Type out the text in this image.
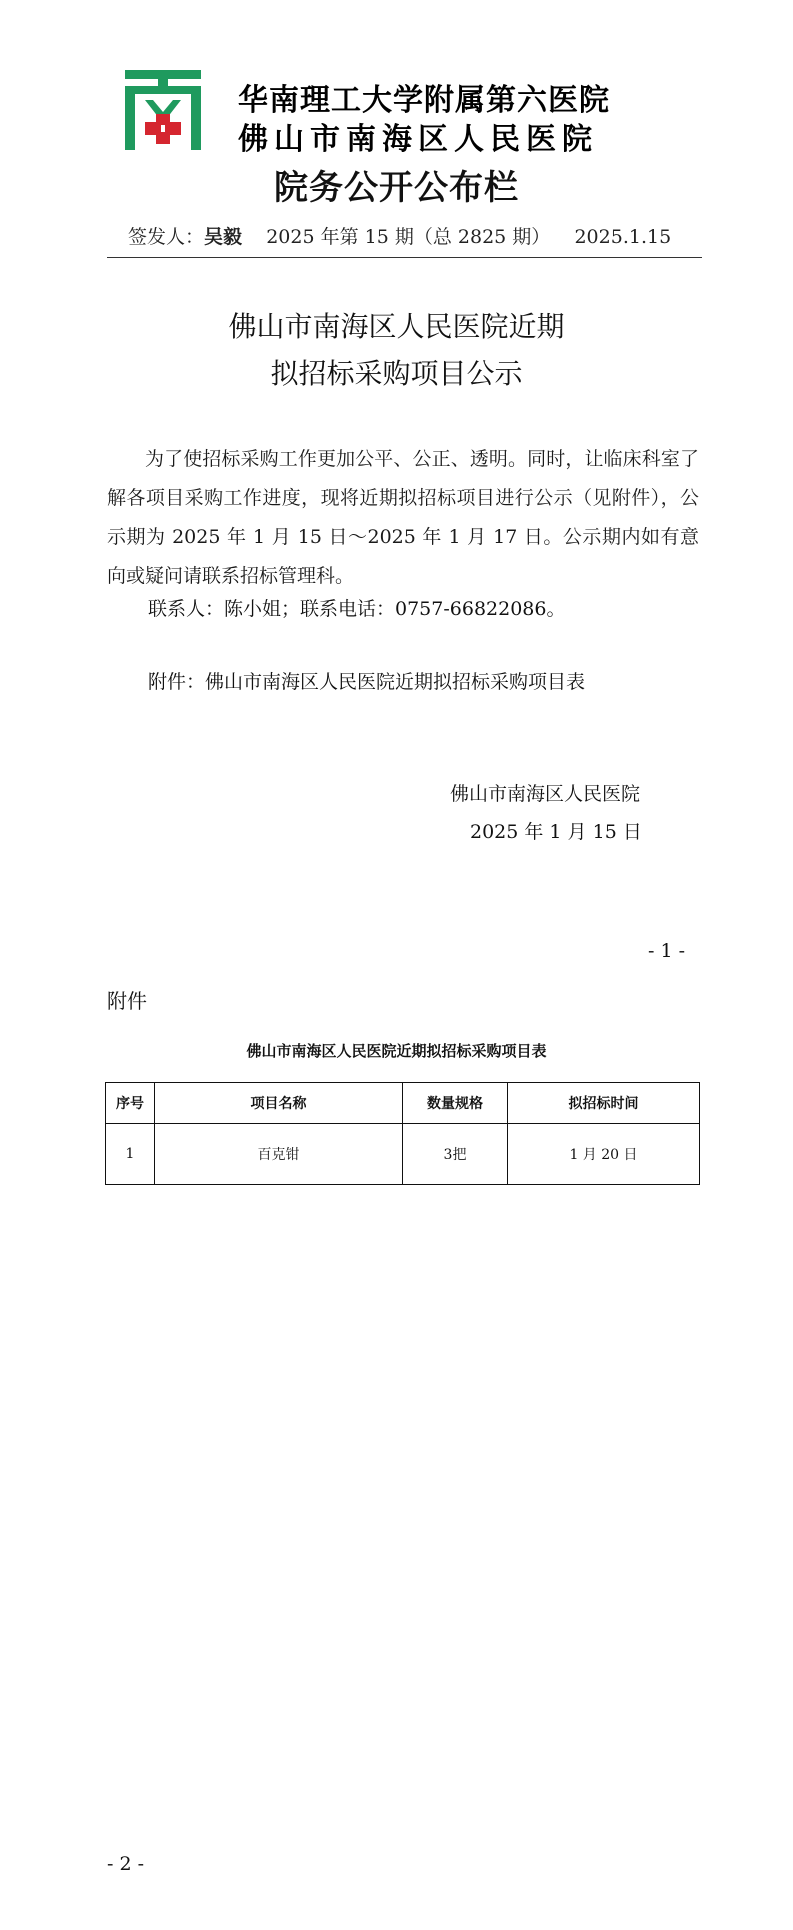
华南理工大学附属第六医院
佛山市南海区人民医院
院务公开公布栏
签发人：吴毅 2025 年第 15 期（总 2825 期） 2025.1.15
佛山市南海区人民医院近期
拟招标采购项目公示

为了使招标采购工作更加公平、公正、透明。同时，让临床科室了解各项目采购工作进度，现将近期拟招标项目进行公示（见附件），公示期为 2025 年 1 月 15 日～2025 年 1 月 17 日。公示期内如有意向或疑问请联系招标管理科。

联系人：陈小姐；联系电话：0757-66822086。
附件：佛山市南海区人民医院近期拟招标采购项目表
佛山市南海区人民医院
2025 年 1 月 15 日
- 1 -
附件
佛山市南海区人民医院近期拟招标采购项目表
序号	项目名称	数量规格	拟招标时间
1	百克钳	3把	1 月 20 日
- 2 -
